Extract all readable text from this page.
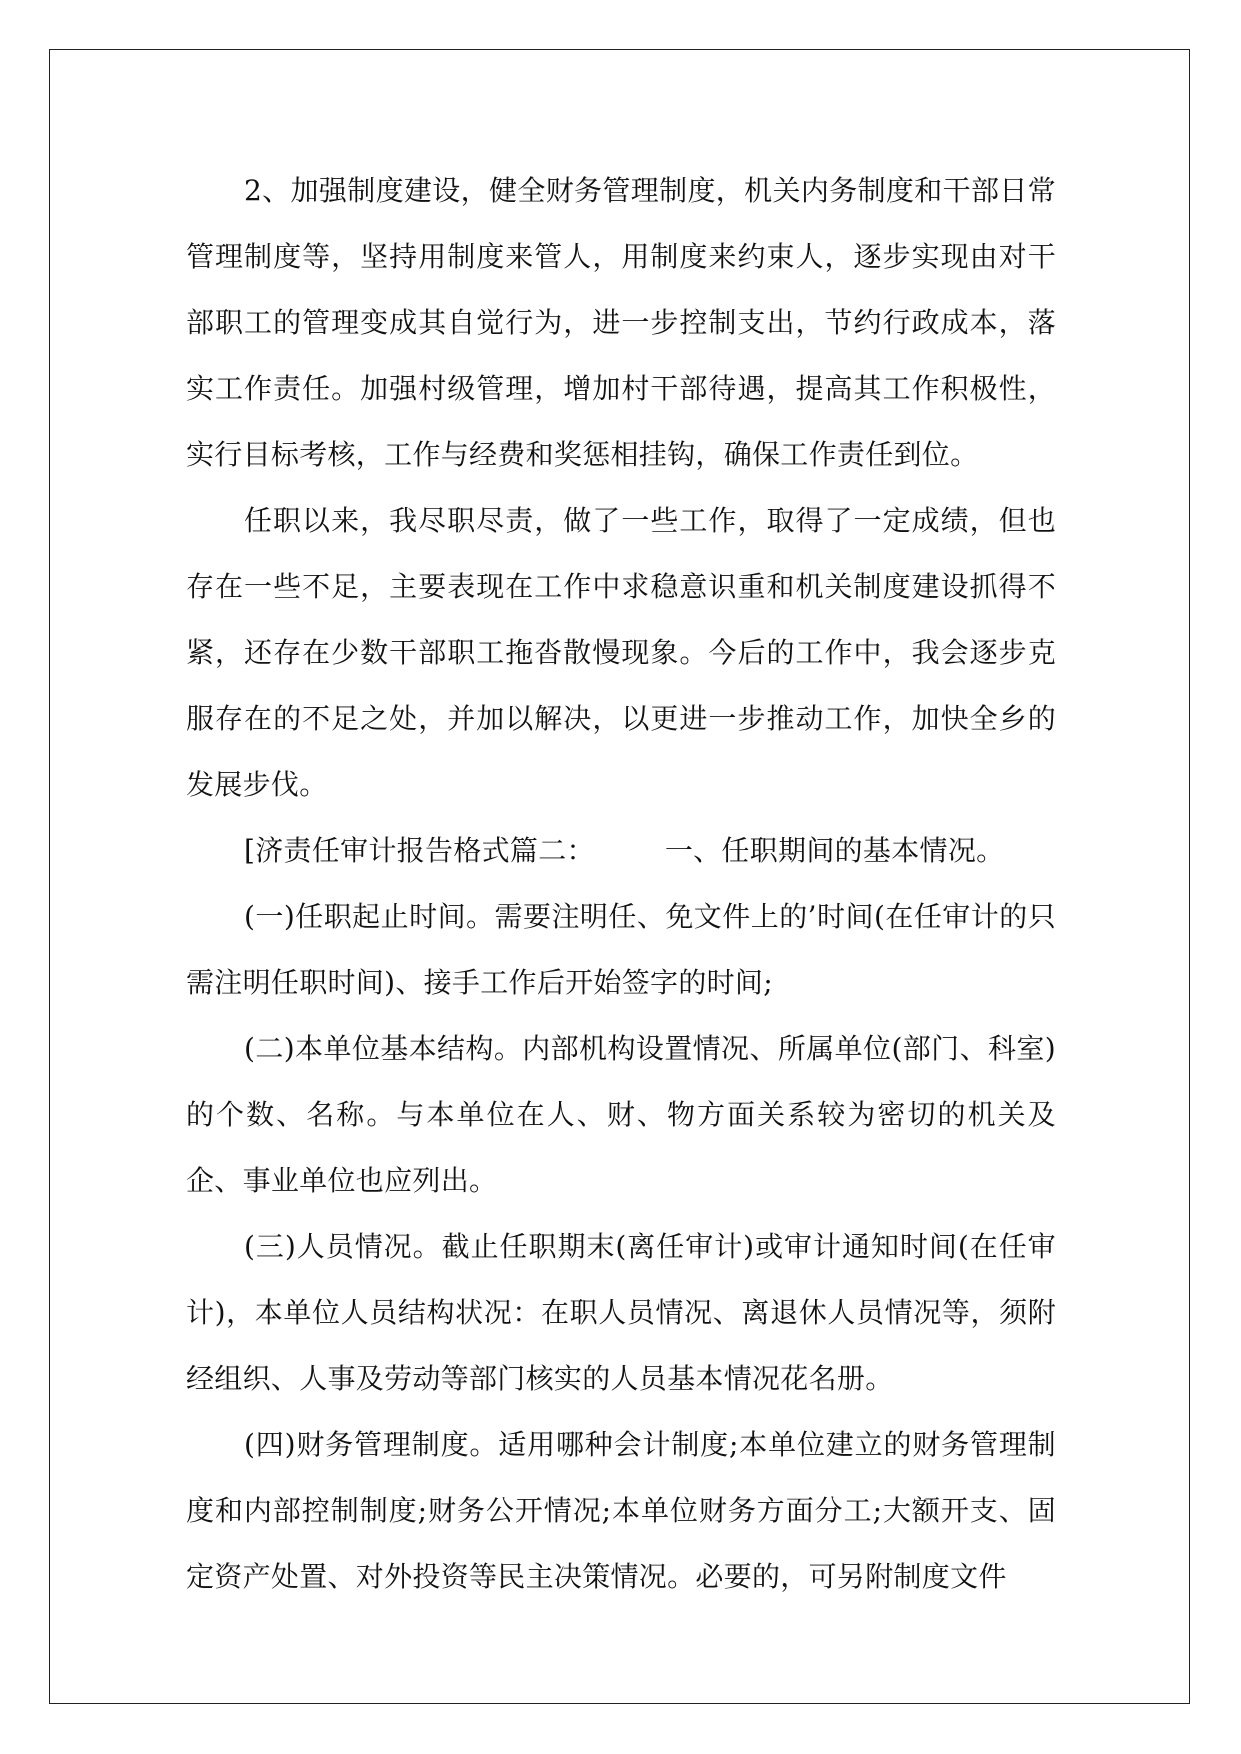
2、加强制度建设，健全财务管理制度，机关内务制度和干部日常管理制度等，坚持用制度来管人，用制度来约束人，逐步实现由对干部职工的管理变成其自觉行为，进一步控制支出，节约行政成本，落实工作责任。加强村级管理，增加村干部待遇，提高其工作积极性，实行目标考核，工作与经费和奖惩相挂钩，确保工作责任到位。

任职以来，我尽职尽责，做了一些工作，取得了一定成绩，但也存在一些不足，主要表现在工作中求稳意识重和机关制度建设抓得不紧，还存在少数干部职工拖沓散慢现象。今后的工作中，我会逐步克服存在的不足之处，并加以解决，以更进一步推动工作，加快全乡的发展步伐。

[济责任审计报告格式篇二：	一、任职期间的基本情况。

(一)任职起止时间。需要注明任、免文件上的’时间(在任审计的只需注明任职时间)、接手工作后开始签字的时间;

(二)本单位基本结构。内部机构设置情况、所属单位(部门、科室)的个数、名称。与本单位在人、财、物方面关系较为密切的机关及企、事业单位也应列出。

(三)人员情况。截止任职期末(离任审计)或审计通知时间(在任审计)，本单位人员结构状况：在职人员情况、离退休人员情况等，须附经组织、人事及劳动等部门核实的人员基本情况花名册。

(四)财务管理制度。适用哪种会计制度;本单位建立的财务管理制度和内部控制制度;财务公开情况;本单位财务方面分工;大额开支、固定资产处置、对外投资等民主决策情况。必要的，可另附制度文件
